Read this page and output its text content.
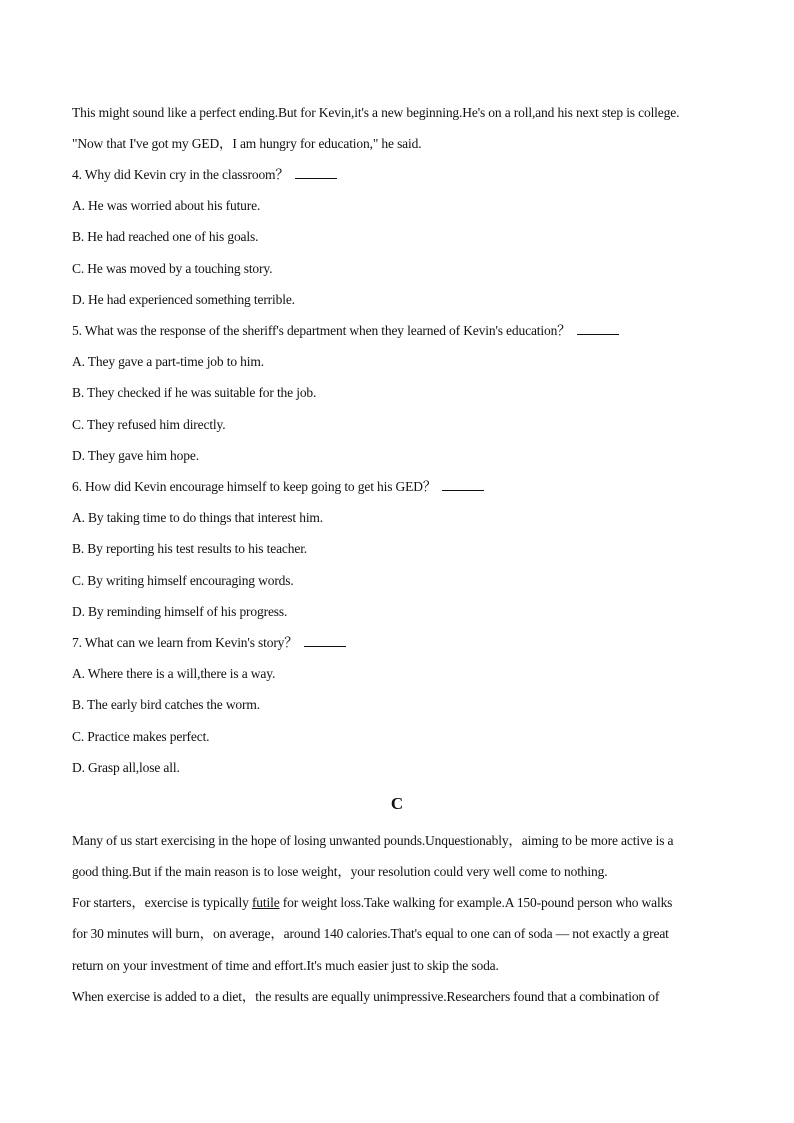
This might sound like a perfect ending.But for Kevin,it's a new beginning.He's on a roll,and his next step is college.
"Now that I've got my GED，I am hungry for education," he said.
4. Why did Kevin cry in the classroom？
A. He was worried about his future.
B. He had reached one of his goals.
C. He was moved by a touching story.
D. He had experienced something terrible.
5. What was the response of the sheriff's department when they learned of Kevin's education？
A. They gave a part-time job to him.
B. They checked if he was suitable for the job.
C. They refused him directly.
D. They gave him hope.
6. How did Kevin encourage himself to keep going to get his GED？
A. By taking time to do things that interest him.
B. By reporting his test results to his teacher.
C. By writing himself encouraging words.
D. By reminding himself of his progress.
7. What can we learn from Kevin's story？
A. Where there is a will,there is a way.
B. The early bird catches the worm.
C. Practice makes perfect.
D. Grasp all,lose all.
C
Many of us start exercising in the hope of losing unwanted pounds.Unquestionably，aiming to be more active is a
good thing.But if the main reason is to lose weight，your resolution could very well come to nothing.
For starters，exercise is typically futile for weight loss.Take walking for example.A 150-pound person who walks
for 30 minutes will burn，on average，around 140 calories.That's equal to one can of soda — not exactly a great
return on your investment of time and effort.It's much easier just to skip the soda.
When exercise is added to a diet，the results are equally unimpressive.Researchers found that a combination of
